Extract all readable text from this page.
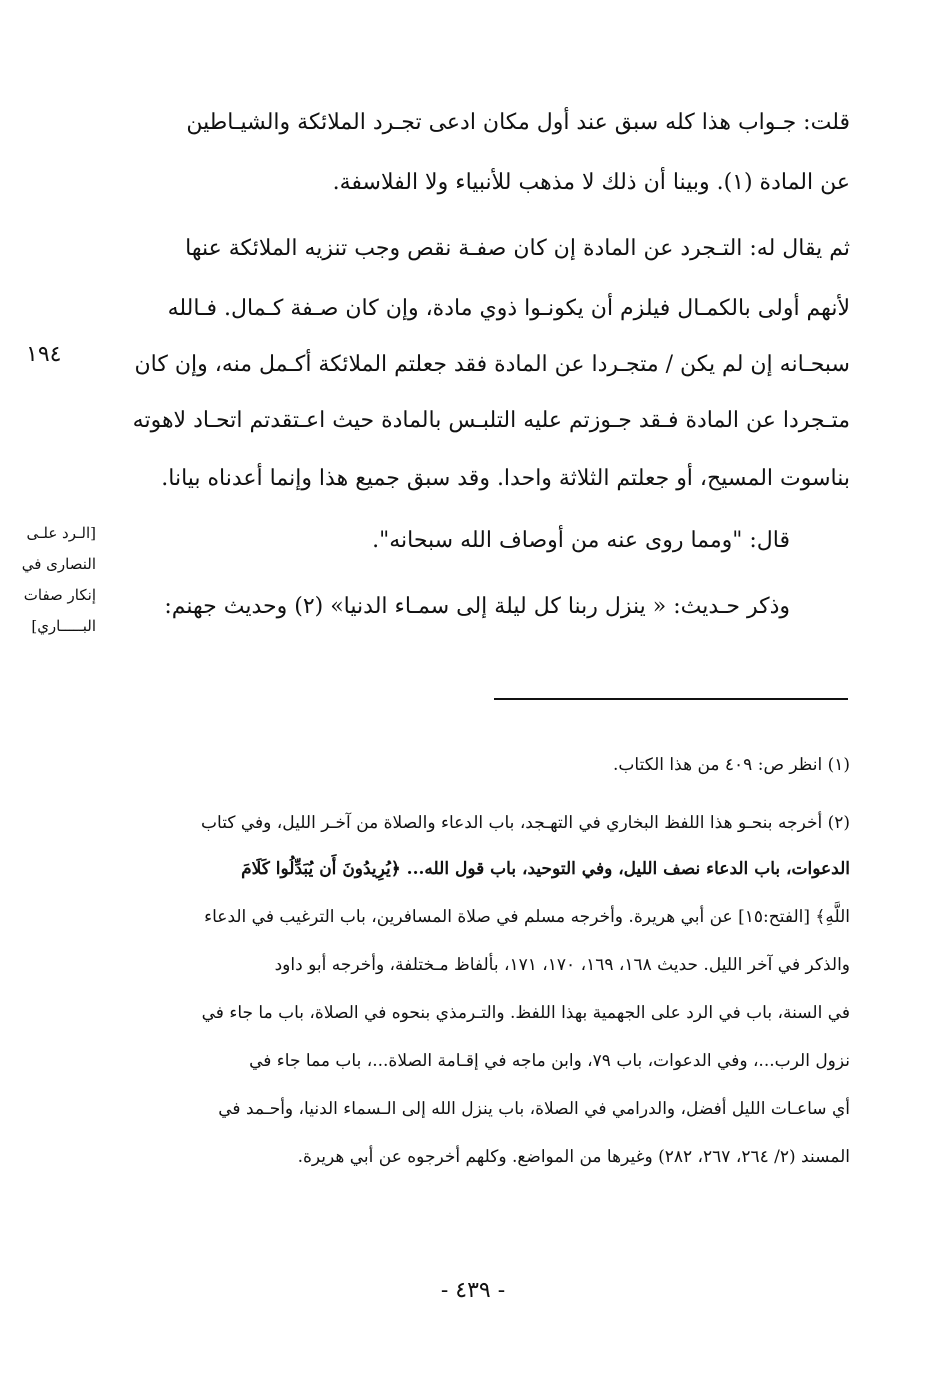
قلت: جـواب هذا كله سبق عند أول مكان ادعى تجـرد الملائكة والشيـاطين
عن المادة (١). وبينا أن ذلك لا مذهب للأنبياء ولا الفلاسفة.
ثم يقال له: التـجرد عن المادة إن كان صفـة نقص وجب تنزيه الملائكة عنها
لأنهم أولى بالكمـال فيلزم أن يكونـوا ذوي مادة، وإن كان صـفة كـمال. فـالله
سبحـانه إن لم يكن / متجـردا عن المادة فقد جعلتم الملائكة أكـمل منه، وإن كان
متـجردا عن المادة فـقد جـوزتم عليه التلبـس بالمادة حيث اعـتقدتم اتحـاد لاهوته
بناسوت المسيح، أو جعلتم الثلاثة واحدا. وقد سبق جميع هذا وإنما أعدناه بيانا.
قال: "ومما روى عنه من أوصاف الله سبحانه".
وذكر حـديث: « ينزل ربنا كل ليلة إلى سمـاء الدنيا» (٢) وحديث جهنم:
١٩٤
[الـرد علـى
النصارى في
إنكار صفات
البـــــاري]
(١) انظر ص: ٤٠٩ من هذا الكتاب.
(٢) أخرجه بنحـو هذا اللفظ البخاري في التهـجد، باب الدعاء والصلاة من آخـر الليل، وفي كتاب
الدعوات، باب الدعاء نصف الليل، وفي التوحيد، باب قول الله... ﴿يُرِيدُونَ أَن يُبَدِّلُوا كَلَامَ
اللَّهِ﴾ [الفتح:١٥] عن أبي هريرة. وأخرجه مسلم في صلاة المسافرين، باب الترغيب في الدعاء
والذكر في آخر الليل. حديث ١٦٨، ١٦٩، ١٧٠، ١٧١، بألفاظ مـختلفة، وأخرجه أبو داود
في السنة، باب في الرد على الجهمية بهذا اللفظ. والتـرمذي بنحوه في الصلاة، باب ما جاء في
نزول الرب...، وفي الدعوات، باب ٧٩، وابن ماجه في إقـامة الصلاة...، باب مما جاء في
أي ساعـات الليل أفضل، والدرامي في الصلاة، باب ينزل الله إلى الـسماء الدنيا، وأحـمد في
المسند (٢/ ٢٦٤، ٢٦٧، ٢٨٢) وغيرها من المواضع. وكلهم أخرجوه عن أبي هريرة.
- ٤٣٩ -
